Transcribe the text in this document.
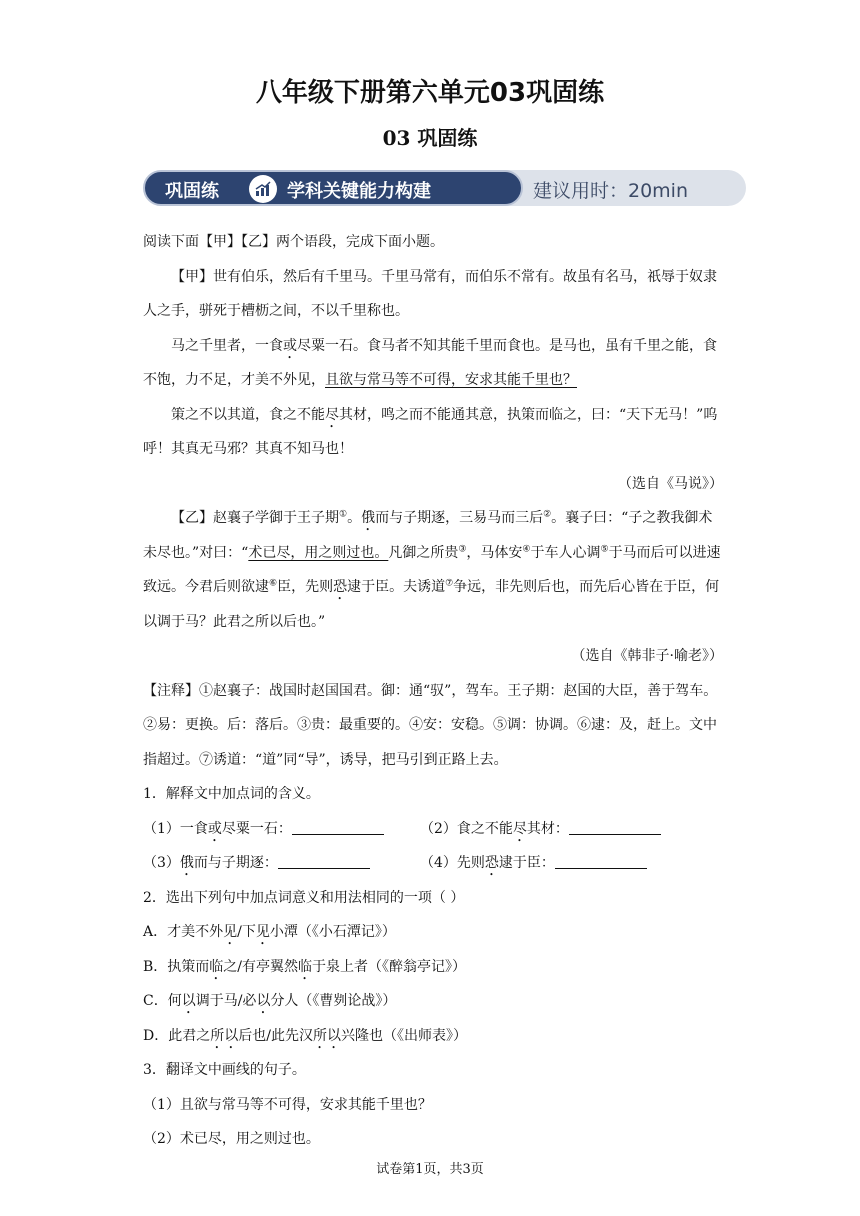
八年级下册第六单元03巩固练
03 巩固练
建议用时：20min
巩固练	学科关键能力构建

阅读下面【甲】【乙】两个语段，完成下面小题。

【甲】世有伯乐，然后有千里马。千里马常有，而伯乐不常有。故虽有名马，祇辱于奴隶人之手，骈死于槽枥之间，不以千里称也。

马之千里者，一食或尽粟一石。食马者不知其能千里而食也。是马也，虽有千里之能，食不饱，力不足，才美不外见，且欲与常马等不可得，安求其能千里也？

策之不以其道，食之不能尽其材，鸣之而不能通其意，执策而临之，曰：“天下无马！”呜呼！其真无马邪？其真不知马也！

（选自《马说》）

【乙】赵襄子学御于王子期①。俄而与子期逐，三易马而三后②。襄子曰：“子之教我御术未尽也。”对曰：“术已尽，用之则过也。凡御之所贵③，马体安④于车人心调⑤于马而后可以进速致远。今君后则欲逮⑥臣，先则恐逮于臣。夫诱道⑦争远，非先则后也，而先后心皆在于臣，何以调于马？此君之所以后也。”

（选自《韩非子·喻老》）

【注释】①赵襄子：战国时赵国国君。御：通“驭”，驾车。王子期：赵国的大臣，善于驾车。②易：更换。后：落后。③贵：最重要的。④安：安稳。⑤调：协调。⑥逮：及，赶上。文中指超过。⑦诱道：“道”同“导”，诱导，把马引到正路上去。

1．解释文中加点词的含义。

（1）一食或尽粟一石：	（2）食之不能尽其材：
（3）俄而与子期逐：	（4）先则恐逮于臣：

2．选出下列句中加点词意义和用法相同的一项（ ）

A．才美不外见/下见小潭（《小石潭记》）

B．执策而临之/有亭翼然临于泉上者（《醉翁亭记》）

C．何以调于马/必以分人（《曹刿论战》）

D．此君之所以后也/此先汉所以兴隆也（《出师表》）

3．翻译文中画线的句子。

（1）且欲与常马等不可得，安求其能千里也？

（2）术已尽，用之则过也。

试卷第1页，共3页
